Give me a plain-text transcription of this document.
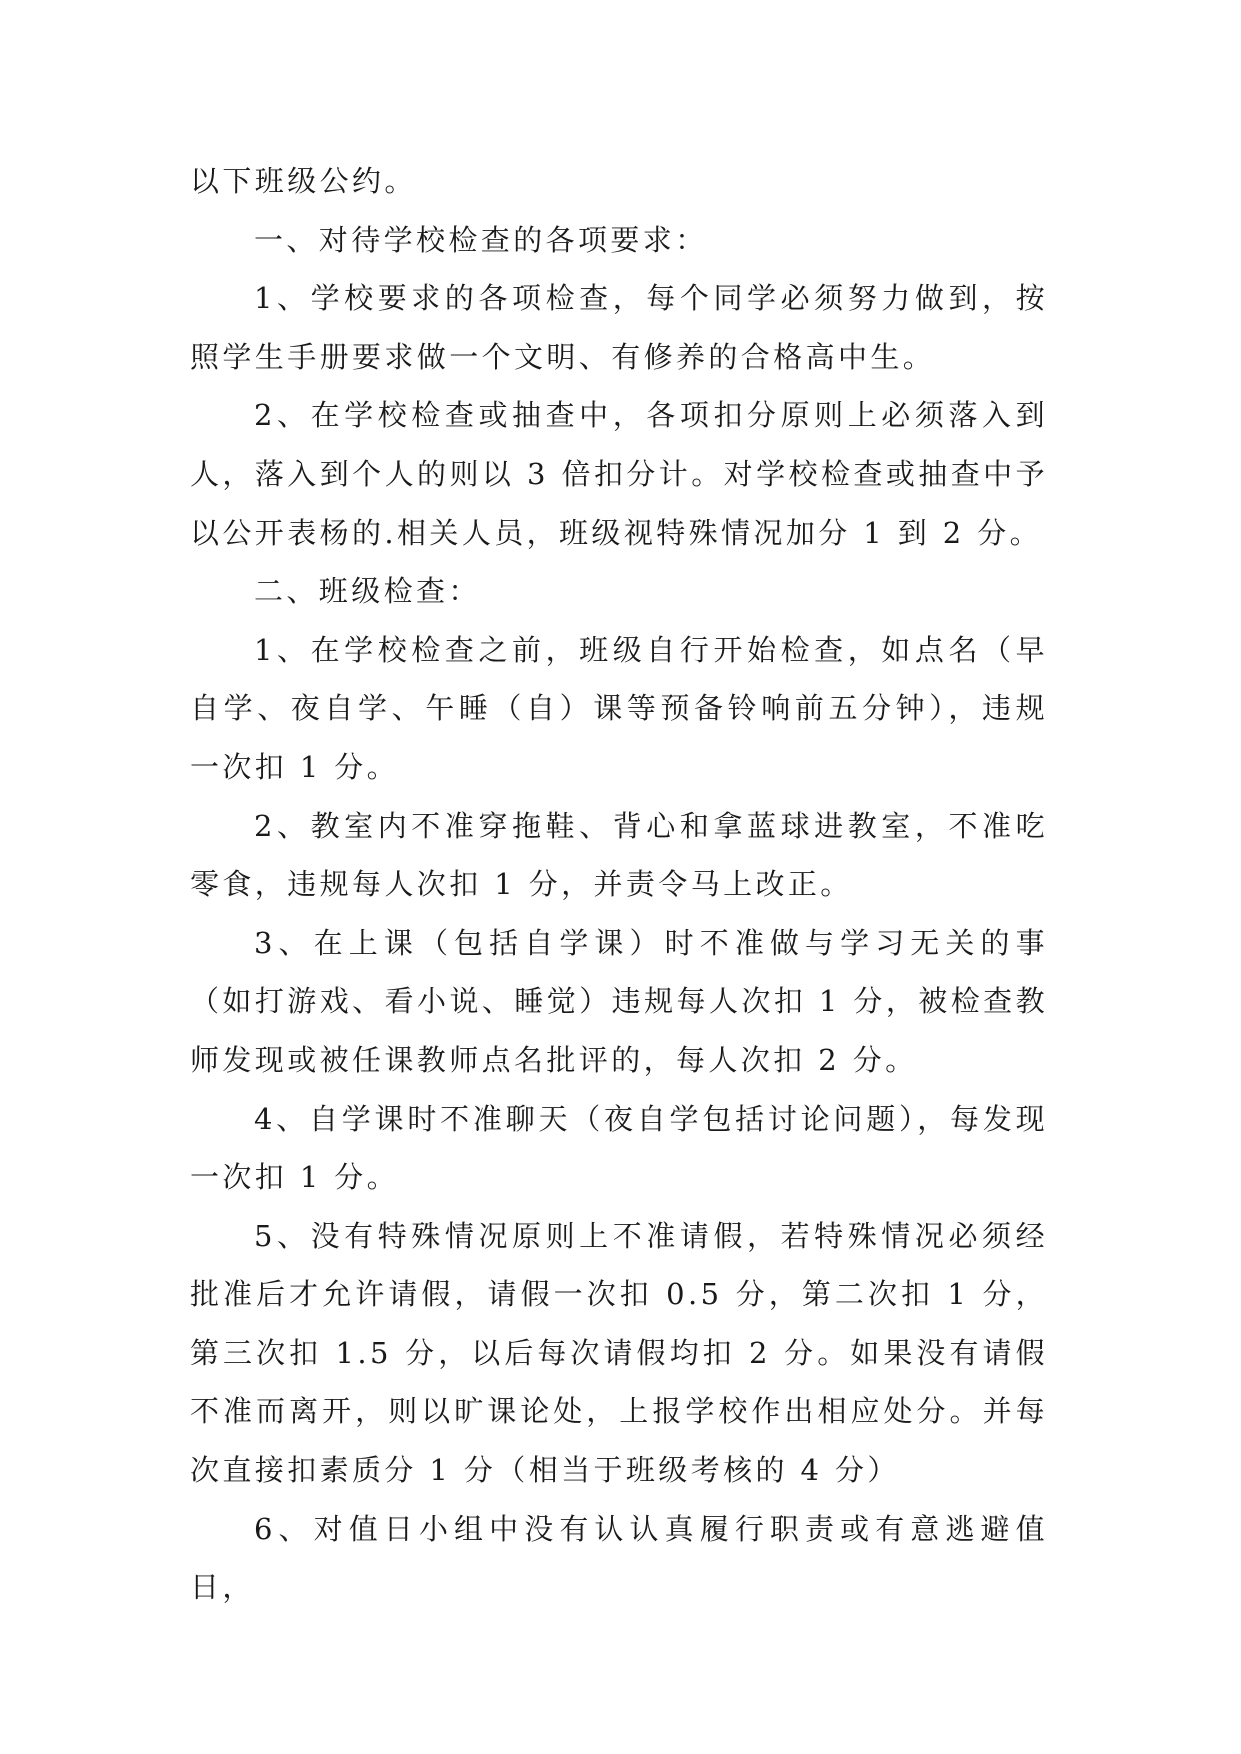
以下班级公约。

一、对待学校检查的各项要求：

1、学校要求的各项检查，每个同学必须努力做到，按照学生手册要求做一个文明、有修养的合格高中生。

2、在学校检查或抽查中，各项扣分原则上必须落入到人，落入到个人的则以 3 倍扣分计。对学校检查或抽查中予以公开表杨的.相关人员，班级视特殊情况加分 1 到 2 分。

二、班级检查：

1、在学校检查之前，班级自行开始检查，如点名（早自学、夜自学、午睡（自）课等预备铃响前五分钟），违规一次扣 1 分。

2、教室内不准穿拖鞋、背心和拿蓝球进教室，不准吃零食，违规每人次扣 1 分，并责令马上改正。

3、在上课（包括自学课）时不准做与学习无关的事（如打游戏、看小说、睡觉）违规每人次扣 1 分，被检查教师发现或被任课教师点名批评的，每人次扣 2 分。

4、自学课时不准聊天（夜自学包括讨论问题），每发现一次扣 1 分。

5、没有特殊情况原则上不准请假，若特殊情况必须经批准后才允许请假，请假一次扣 0.5 分，第二次扣 1 分，第三次扣 1.5 分，以后每次请假均扣 2 分。如果没有请假不准而离开，则以旷课论处，上报学校作出相应处分。并每次直接扣素质分 1 分（相当于班级考核的 4 分）

6、对值日小组中没有认认真履行职责或有意逃避值日，
